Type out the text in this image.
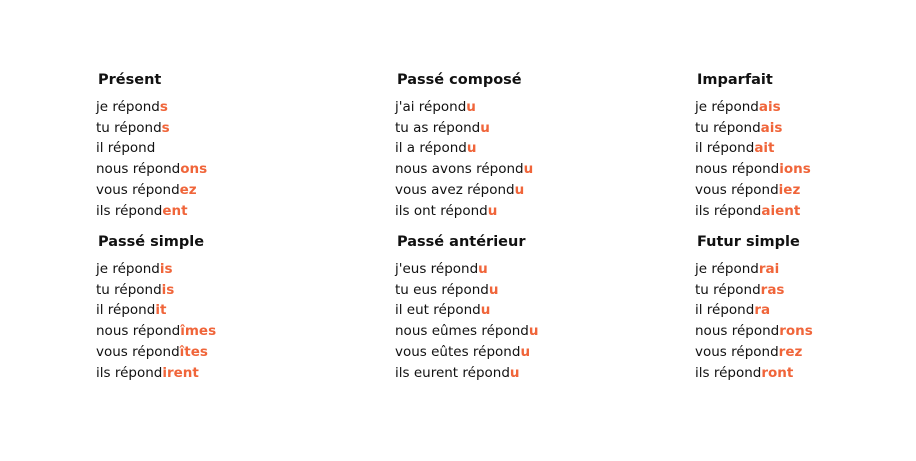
Présent
je réponds
tu réponds
il répond
nous répondons
vous répondez
ils répondent
Passé composé
j'ai répondu
tu as répondu
il a répondu
nous avons répondu
vous avez répondu
ils ont répondu
Imparfait
je répondais
tu répondais
il répondait
nous répondions
vous répondiez
ils répondaient
Passé simple
je répondis
tu répondis
il répondit
nous répondîmes
vous répondîtes
ils répondirent
Passé antérieur
j'eus répondu
tu eus répondu
il eut répondu
nous eûmes répondu
vous eûtes répondu
ils eurent répondu
Futur simple
je répondrai
tu répondras
il répondra
nous répondrons
vous répondrez
ils répondront
